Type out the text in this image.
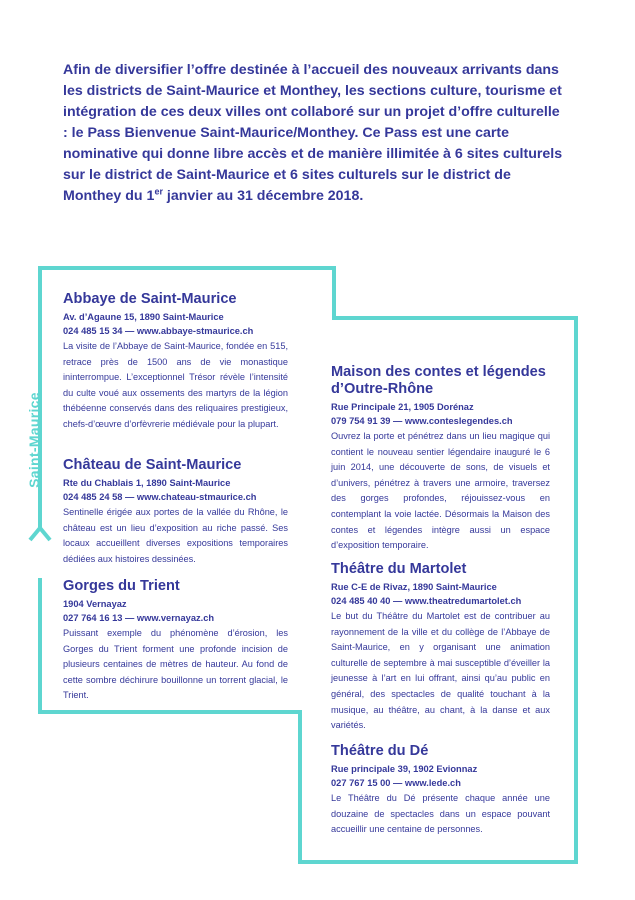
Afin de diversifier l’offre destinée à l’accueil des nouveaux arrivants dans les districts de Saint-Maurice et Monthey, les sections culture, tourisme et intégration de ces deux villes ont collaboré sur un projet d’offre culturelle : le Pass Bienvenue Saint-Maurice/Monthey. Ce Pass est une carte nominative qui donne libre accès et de manière illimitée à 6 sites culturels sur le district de Saint-Maurice et 6 sites culturels sur le district de Monthey du 1er janvier au 31 décembre 2018.
Saint-Maurice
Abbaye de Saint-Maurice
Av. d’Agaune 15, 1890 Saint-Maurice
024 485 15 34 — www.abbaye-stmaurice.ch

La visite de l’Abbaye de Saint-Maurice, fondée en 515, retrace près de 1500 ans de vie monastique ininterrompue. L’exceptionnel Trésor révèle l’intensité du culte voué aux ossements des martyrs de la légion thébéenne conservés dans des reliquaires prestigieux, chefs-d’œuvre d’orfèvrerie médiévale pour la plupart.

Château de Saint-Maurice
Rte du Chablais 1, 1890 Saint-Maurice
024 485 24 58 — www.chateau-stmaurice.ch

Sentinelle érigée aux portes de la vallée du Rhône, le château est un lieu d’exposition au riche passé. Ses locaux accueillent diverses expositions temporaires dédiées aux histoires dessinées.

Gorges du Trient
1904 Vernayaz
027 764 16 13 — www.vernayaz.ch

Puissant exemple du phénomène d’érosion, les Gorges du Trient forment une profonde incision de plusieurs centaines de mètres de hauteur. Au fond de cette sombre déchirure bouillonne un torrent glacial, le Trient.

Maison des contes et légendes d’Outre-Rhône
Rue Principale 21, 1905 Dorénaz
079 754 91 39 — www.conteslegendes.ch

Ouvrez la porte et pénétrez dans un lieu magique qui contient le nouveau sentier légendaire inauguré le 6 juin 2014, une découverte de sons, de visuels et d’univers, pénétrez à travers une armoire, traversez des gorges profondes, réjouissez-vous en contemplant la voie lactée. Désormais la Maison des contes et légendes intègre aussi un espace d’exposition temporaire.

Théâtre du Martolet
Rue C-E de Rivaz, 1890 Saint-Maurice
024 485 40 40 — www.theatredumartolet.ch

Le but du Théâtre du Martolet est de contribuer au rayonnement de la ville et du collège de l’Abbaye de Saint-Maurice, en y organisant une animation culturelle de septembre à mai susceptible d’éveiller la jeunesse à l’art en lui offrant, ainsi qu’au public en général, des spectacles de qualité touchant à la musique, au théâtre, au chant, à la danse et aux variétés.

Théâtre du Dé
Rue principale 39, 1902 Evionnaz
027 767 15 00 — www.lede.ch

Le Théâtre du Dé présente chaque année une douzaine de spectacles dans un espace pouvant accueillir une centaine de personnes.
